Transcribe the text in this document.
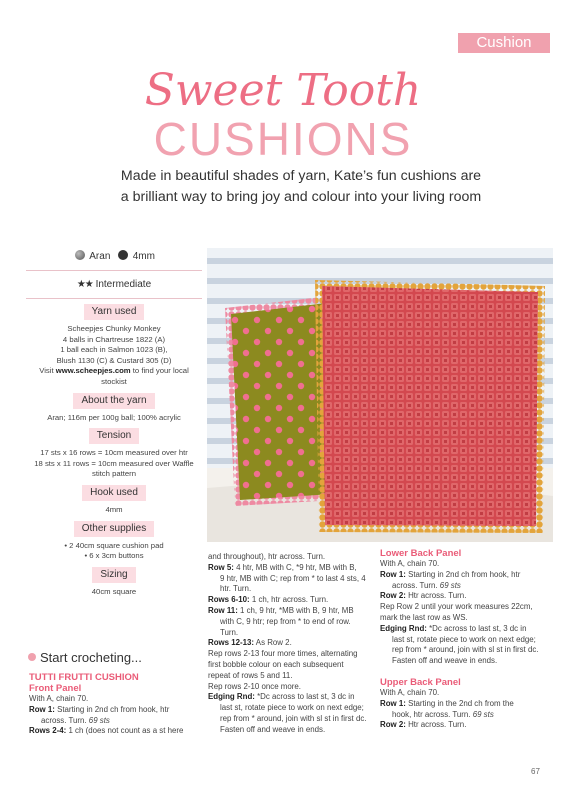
Cushion
Sweet Tooth
CUSHIONS
Made in beautiful shades of yarn, Kate’s fun cushions are a brilliant way to bring joy and colour into your living room
Aran 4mm
★★ Intermediate
Yarn used
Scheepjes Chunky Monkey
4 balls in Chartreuse 1822 (A)
1 ball each in Salmon 1023 (B),
Blush 1130 (C) & Custard 305 (D)
Visit www.scheepjes.com to find your local stockist
About the yarn
Aran; 116m per 100g ball; 100% acrylic
Tension
17 sts x 16 rows = 10cm measured over htr
18 sts x 11 rows = 10cm measured over Waffle stitch pattern
Hook used
4mm
Other supplies
• 2 40cm square cushion pad
• 6 x 3cm buttons
Sizing
40cm square
Start crocheting...
TUTTI FRUTTI CUSHION
Front Panel
With A, chain 70.
Row 1: Starting in 2nd ch from hook, htr
across. Turn. 69 sts
Rows 2-4: 1 ch (does not count as a st here
and throughout), htr across. Turn.
Row 5: 4 htr, MB with C, *9 htr, MB with B,
9 htr, MB with C; rep from * to last 4 sts, 4
htr. Turn.
Rows 6-10: 1 ch, htr across. Turn.
Row 11: 1 ch, 9 htr, *MB with B, 9 htr, MB
with C, 9 htr; rep from * to end of row.
Turn.
Rows 12-13: As Row 2.
Rep rows 2-13 four more times, alternating
first bobble colour on each subsequent
repeat of rows 5 and 11.
Rep rows 2-10 once more.
Edging Rnd: *Dc across to last st, 3 dc in
last st, rotate piece to work on next edge;
rep from * around, join with sl st in first dc.
Fasten off and weave in ends.
Lower Back Panel
With A, chain 70.
Row 1: Starting in 2nd ch from hook, htr
across. Turn. 69 sts
Row 2: Htr across. Turn.
Rep Row 2 until your work measures 22cm,
mark the last row as WS.
Edging Rnd: *Dc across to last st, 3 dc in
last st, rotate piece to work on next edge;
rep from * around, join with sl st in first dc.
Fasten off and weave in ends.
Upper Back Panel
With A, chain 70.
Row 1: Starting in the 2nd ch from the
hook, htr across. Turn. 69 sts
Row 2: Htr across. Turn.
67
PassionForum.ru
